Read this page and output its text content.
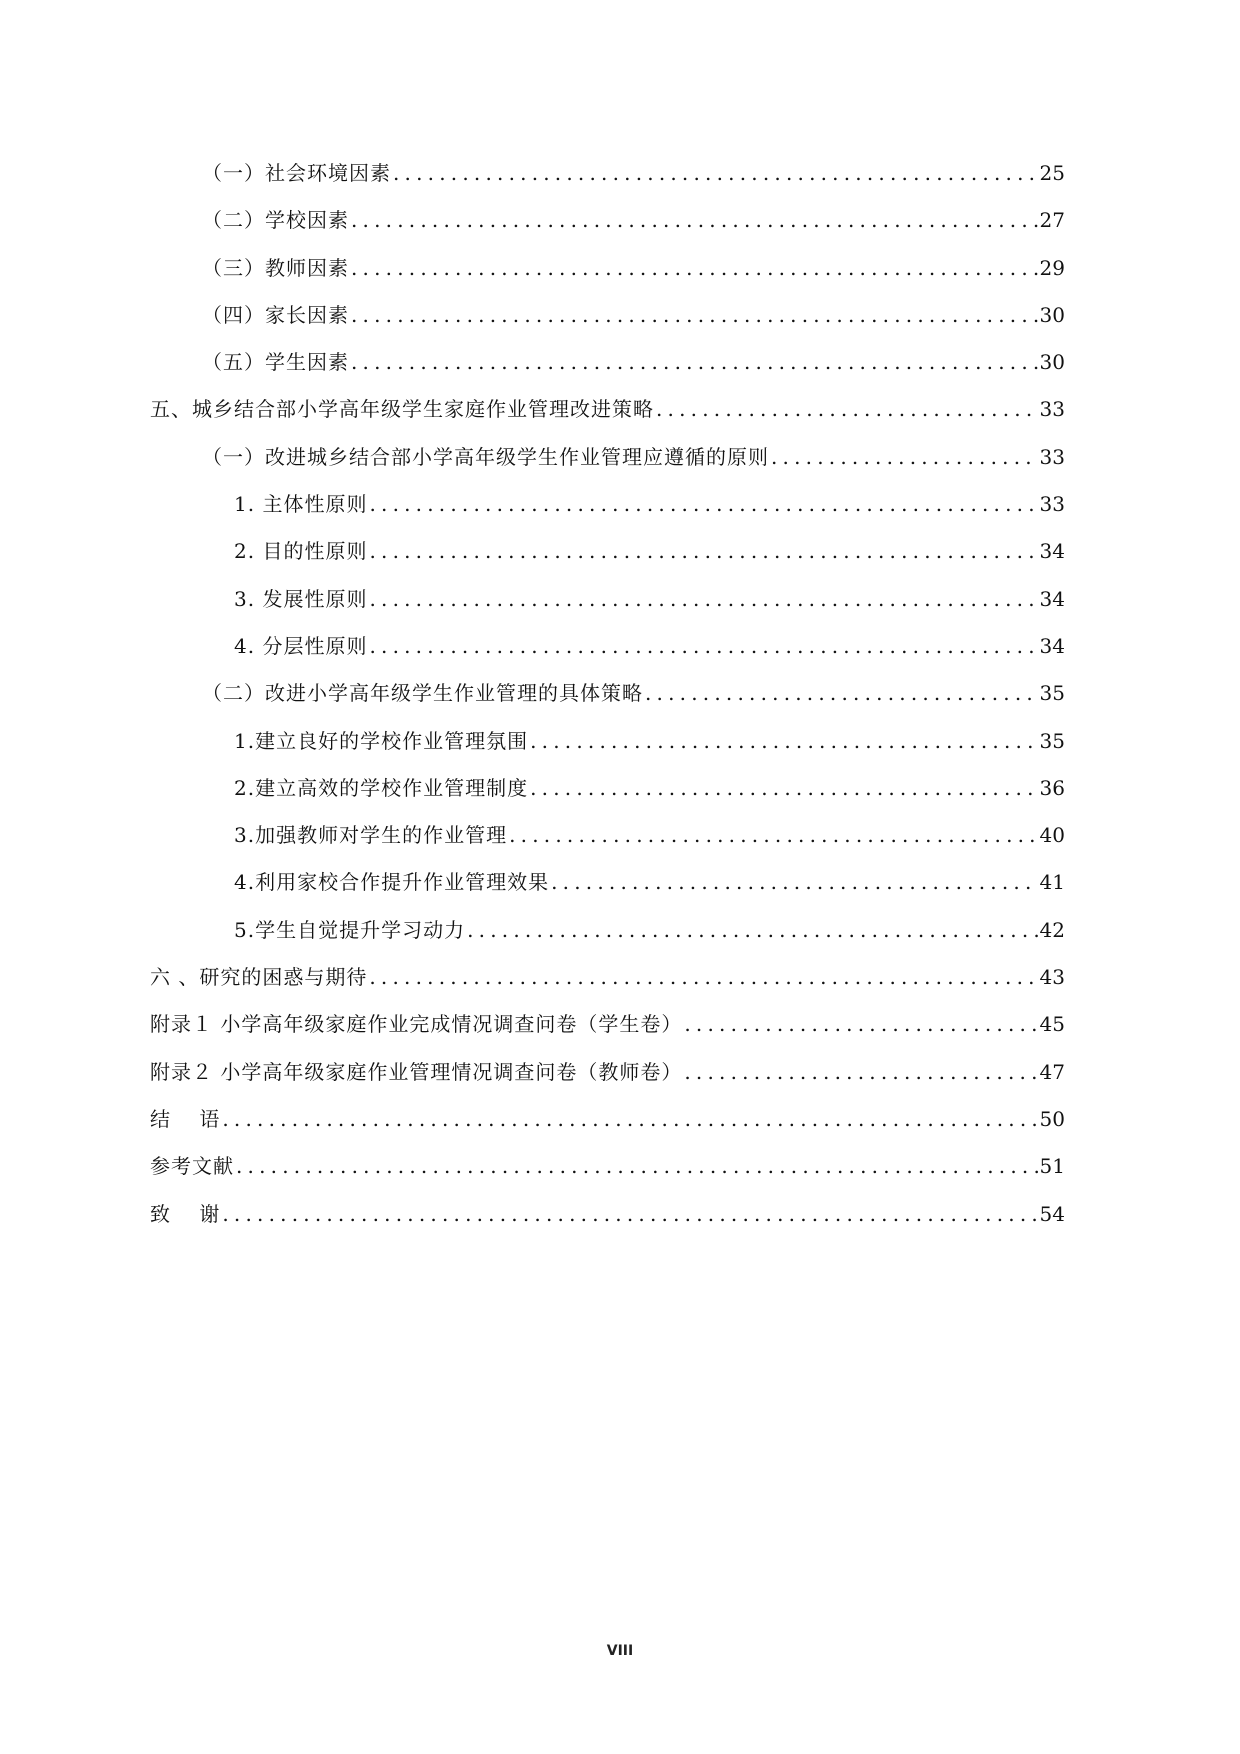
（一）社会环境因素 .....	25
（二）学校因素 .....	27
（三）教师因素 .....	29
（四）家长因素 .....	30
（五）学生因素 .....	30
五、城乡结合部小学高年级学生家庭作业管理改进策略 .....	33
（一）改进城乡结合部小学高年级学生作业管理应遵循的原则 .....	33
1. 主体性原则 .....	33
2. 目的性原则 .....	34
3. 发展性原则 .....	34
4. 分层性原则 .....	34
（二）改进小学高年级学生作业管理的具体策略 .....	35
1.建立良好的学校作业管理氛围 .....	35
2.建立高效的学校作业管理制度 .....	36
3.加强教师对学生的作业管理 .....	40
4.利用家校合作提升作业管理效果 .....	41
5.学生自觉提升学习动力 .....	42
六 、研究的困惑与期待 .....	43
附录１ 小学高年级家庭作业完成情况调查问卷（学生卷） .....	45
附录２ 小学高年级家庭作业管理情况调查问卷（教师卷） .....	47
结　 语 .....	50
参考文献 .....	51
致　 谢 .....	54
VIII
